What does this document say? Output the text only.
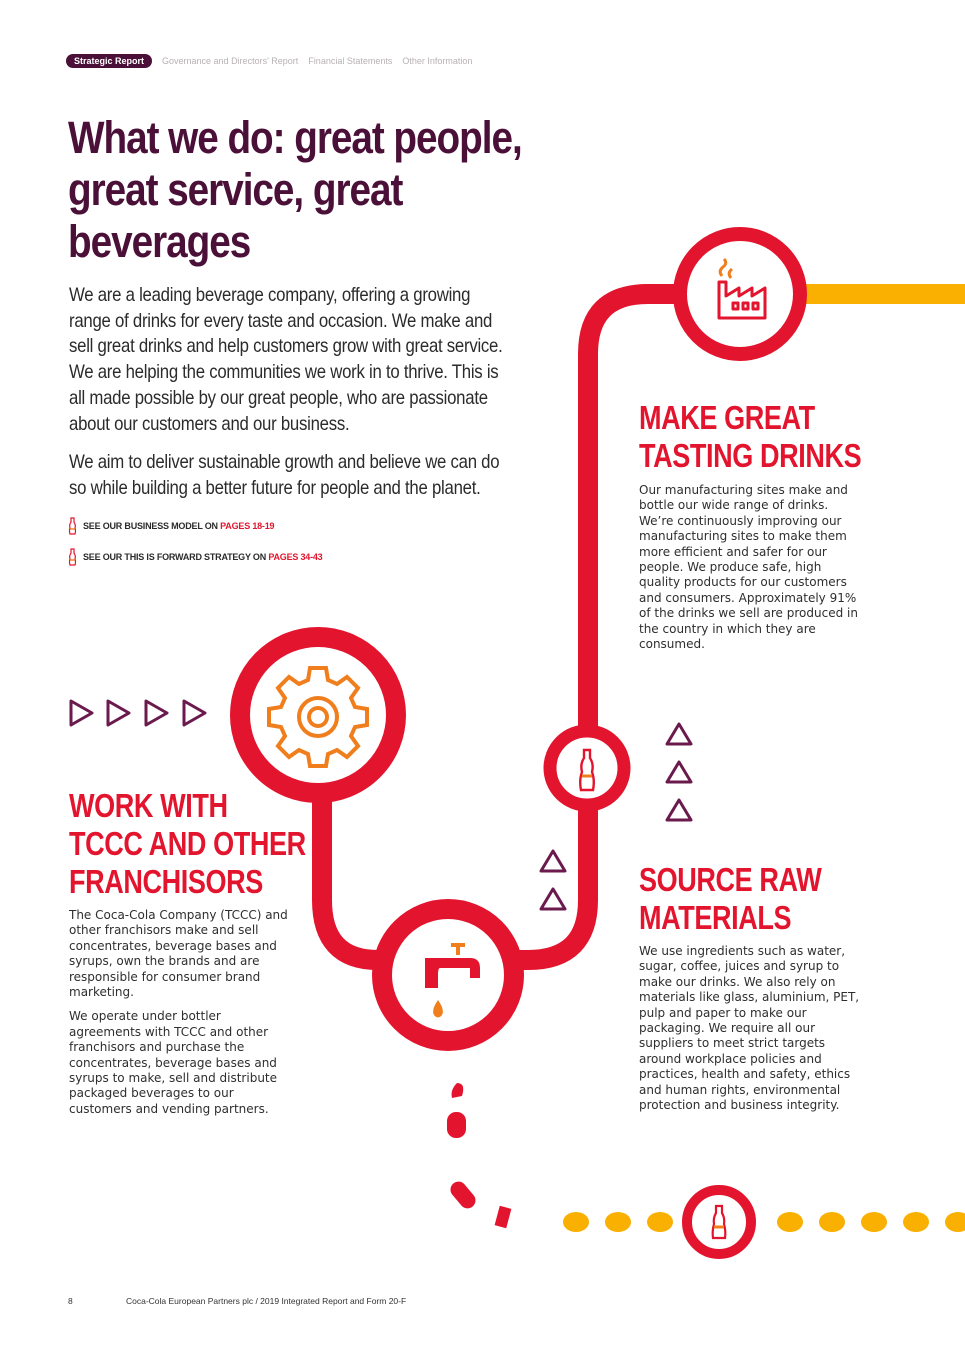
Strategic Report	Governance and Directors' Report Financial Statements Other Information
What we do: great people,
great service, great beverages

We are a leading beverage company, offering a growing range of drinks for every taste and occasion. We make and sell great drinks and help customers grow with great service. We are helping the communities we work in to thrive. This is all made possible by our great people, who are passionate about our customers and our business.

We aim to deliver sustainable growth and believe we can do so while building a better future for people and the planet.

SEE OUR BUSINESS MODEL ON PAGES 18-19
SEE OUR THIS IS FORWARD STRATEGY ON PAGES 34-43
MAKE GREAT
TASTING DRINKS

Our manufacturing sites make and bottle our wide range of drinks. We’re continuously improving our manufacturing sites to make them more efficient and safer for our people. We produce safe, high quality products for our customers and consumers. Approximately 91% of the drinks we sell are produced in the country in which they are consumed.

WORK WITH
TCCC AND OTHER
FRANCHISORS

The Coca-Cola Company (TCCC) and other franchisors make and sell concentrates, beverage bases and syrups, own the brands and are responsible for consumer brand marketing.

We operate under bottler agreements with TCCC and other franchisors and purchase the concentrates, beverage bases and syrups to make, sell and distribute packaged beverages to our customers and vending partners.

SOURCE RAW
MATERIALS

We use ingredients such as water, sugar, coffee, juices and syrup to make our drinks. We also rely on materials like glass, aluminium, PET, pulp and paper to make our packaging. We require all our suppliers to meet strict targets around workplace policies and practices, health and safety, ethics and human rights, environmental protection and business integrity.

8	Coca-Cola European Partners plc / 2019 Integrated Report and Form 20-F
